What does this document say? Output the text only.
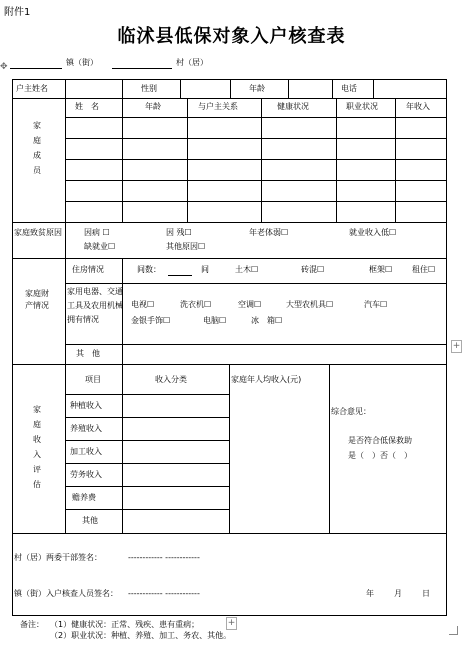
附件1
✥
临沭县低保对象入户核查表
镇（街）	村（居）
户主姓名	性别	年龄	电话
家庭成员
姓　名	年龄	与户主关系	健康状况	职业状况	年收入
家庭致贫原因	因病 ☐	因 残☐	年老体弱☐	就业收入低☐
缺就业☐	其他原因☐
家庭财产情况
住房情况	间数：	间	土木☐	砖混☐	框架☐ 租住☐
家用电器、交通工具及农用机械拥有情况
电视☐	洗衣机☐	空调☐	大型农机具☐	汽车☐
金银手饰☐	电脑☐	冰　箱☐
其　他
家庭收入评估
项目	收入分类	家庭年人均收入(元)
种植收入
养殖收入
加工收入
劳务收入
赡养费
其他
综合意见：
是否符合低保救助
是（　）否（　）
村（居）两委干部签名：	------------ ------------
镇（街）入户核查人员签名： ------------ ------------	年	月	日
备注： （1）健康状况：正常、残疾、患有重病；
（2）职业状况：种植、养殖、加工、务农、其他。
+
+
